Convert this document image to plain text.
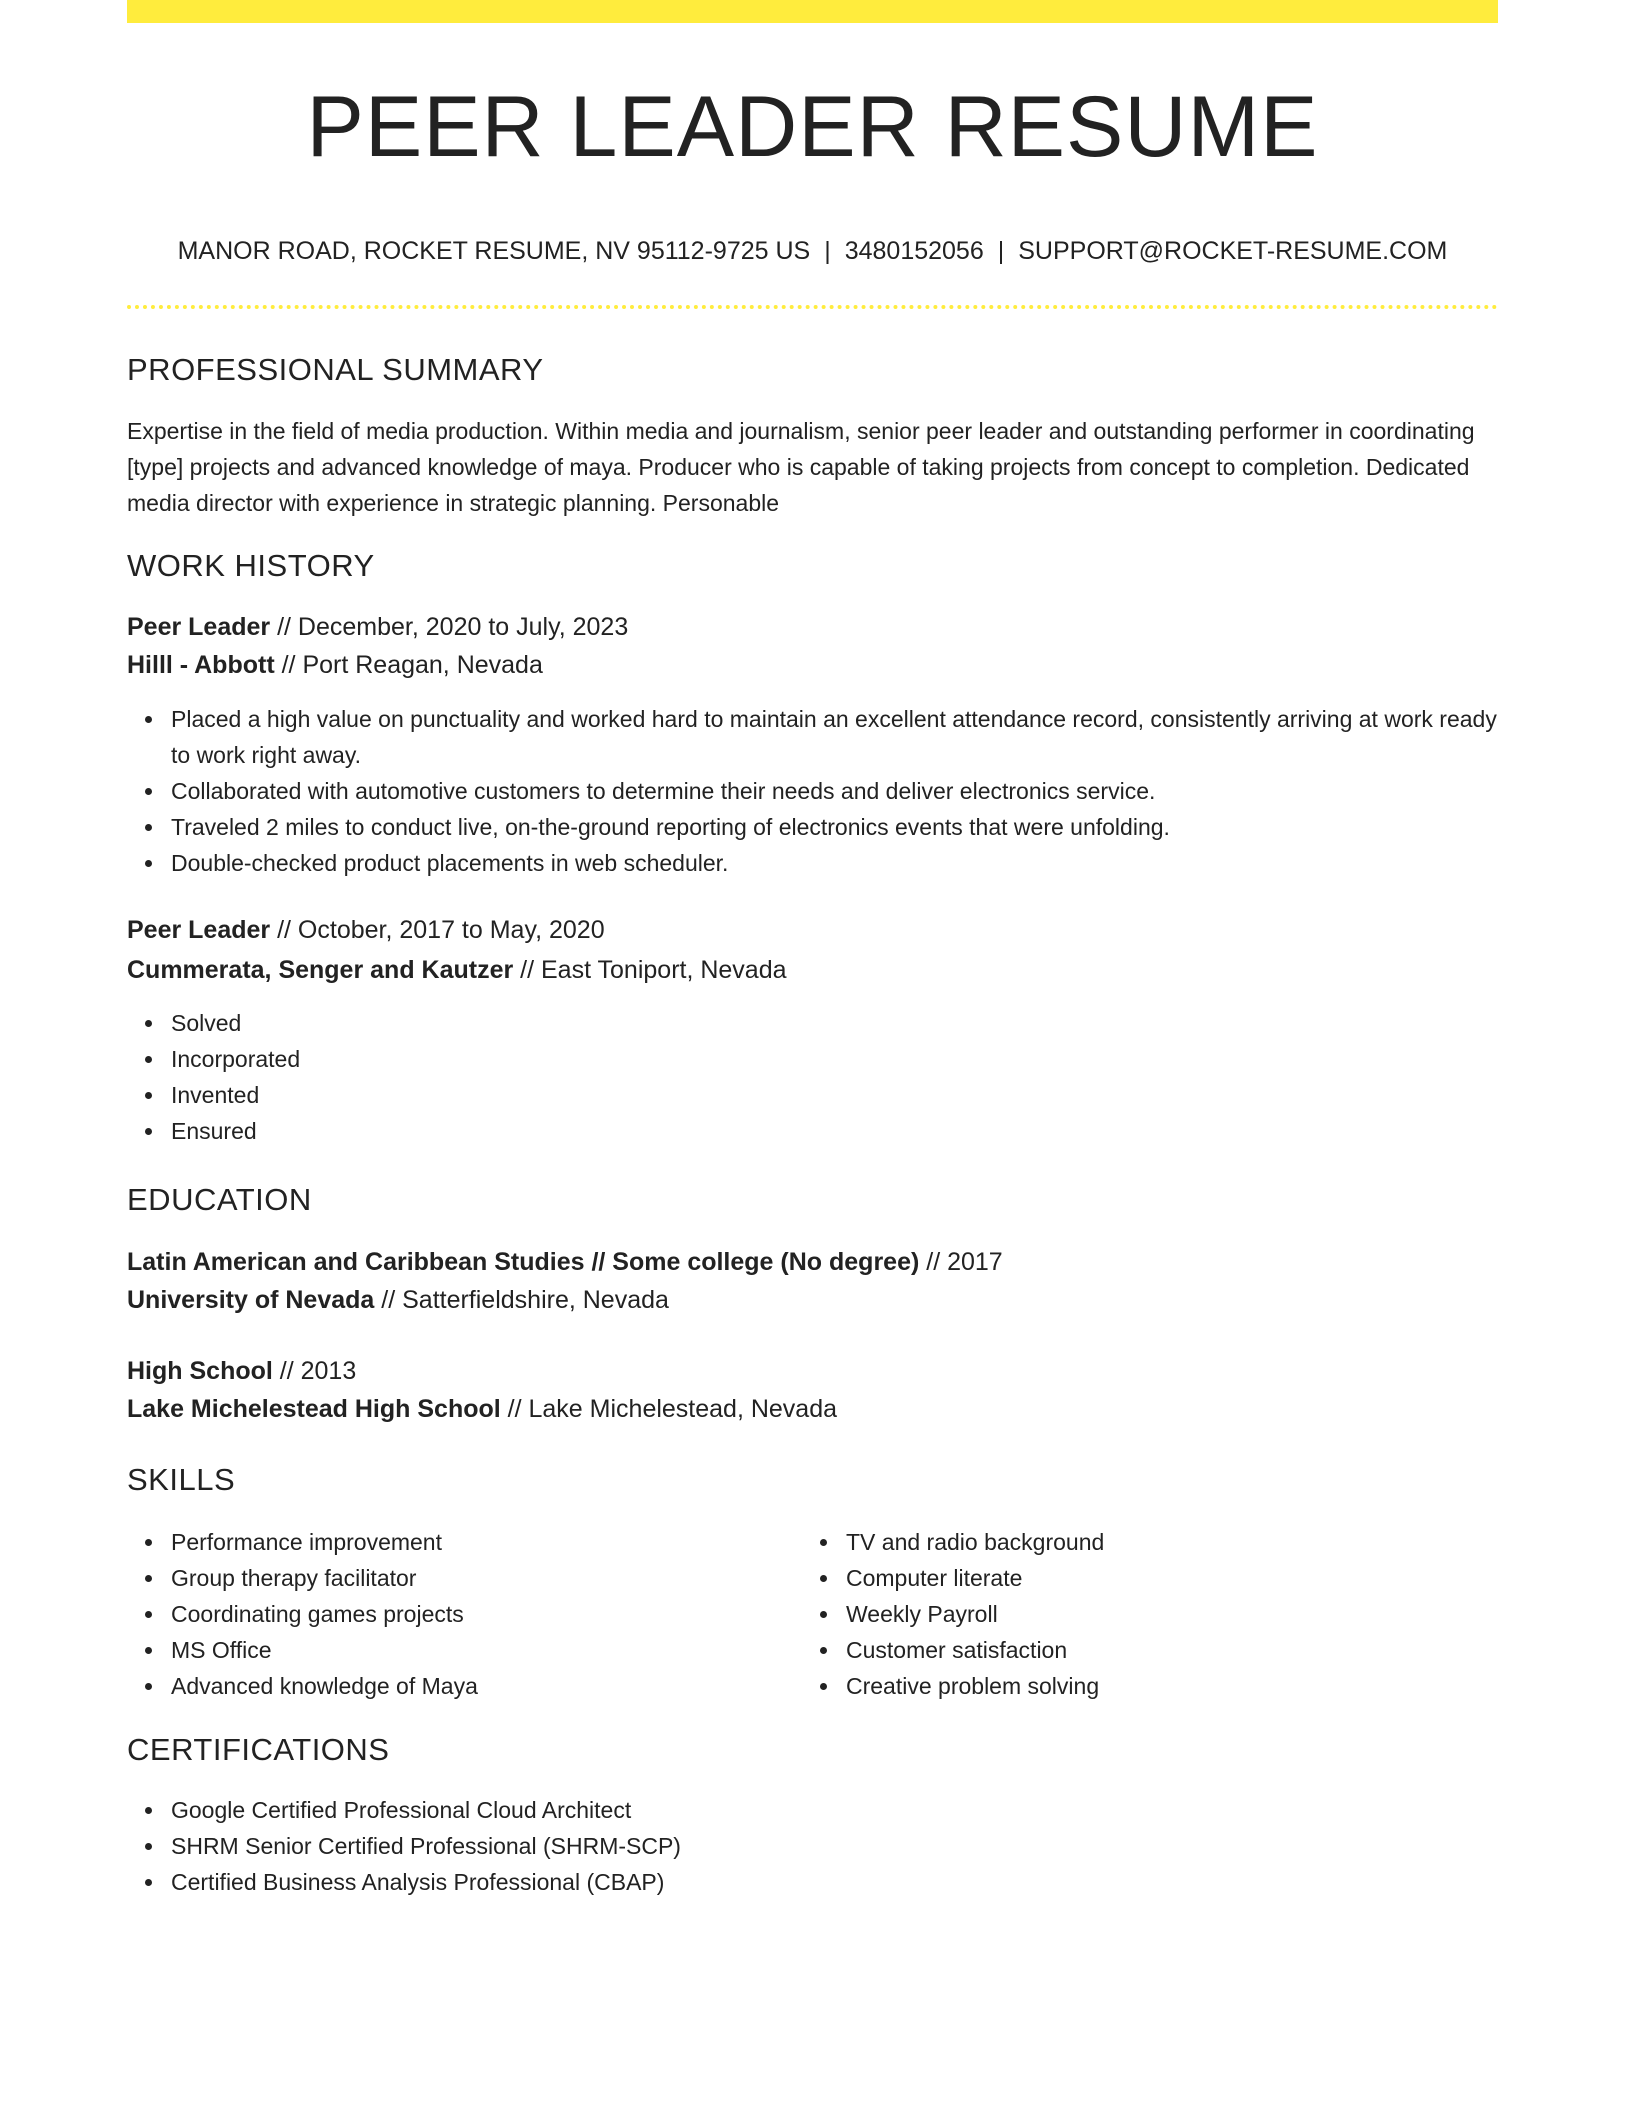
PEER LEADER RESUME
MANOR ROAD, ROCKET RESUME, NV 95112-9725 US | 3480152056 | SUPPORT@ROCKET-RESUME.COM
PROFESSIONAL SUMMARY

Expertise in the field of media production. Within media and journalism, senior peer leader and outstanding performer in coordinating [type] projects and advanced knowledge of maya. Producer who is capable of taking projects from concept to completion. Dedicated media director with experience in strategic planning. Personable

WORK HISTORY
Peer Leader // December, 2020 to July, 2023
Hilll - Abbott // Port Reagan, Nevada
Placed a high value on punctuality and worked hard to maintain an excellent attendance record, consistently arriving at work ready to work right away.
Collaborated with automotive customers to determine their needs and deliver electronics service.
Traveled 2 miles to conduct live, on-the-ground reporting of electronics events that were unfolding.
Double-checked product placements in web scheduler.
Peer Leader // October, 2017 to May, 2020
Cummerata, Senger and Kautzer // East Toniport, Nevada
Solved
Incorporated
Invented
Ensured
EDUCATION
Latin American and Caribbean Studies // Some college (No degree) // 2017
University of Nevada // Satterfieldshire, Nevada
High School // 2013
Lake Michelestead High School // Lake Michelestead, Nevada
SKILLS
Performance improvement
Group therapy facilitator
Coordinating games projects
MS Office
Advanced knowledge of Maya
TV and radio background
Computer literate
Weekly Payroll
Customer satisfaction
Creative problem solving
CERTIFICATIONS
Google Certified Professional Cloud Architect
SHRM Senior Certified Professional (SHRM-SCP)
Certified Business Analysis Professional (CBAP)
